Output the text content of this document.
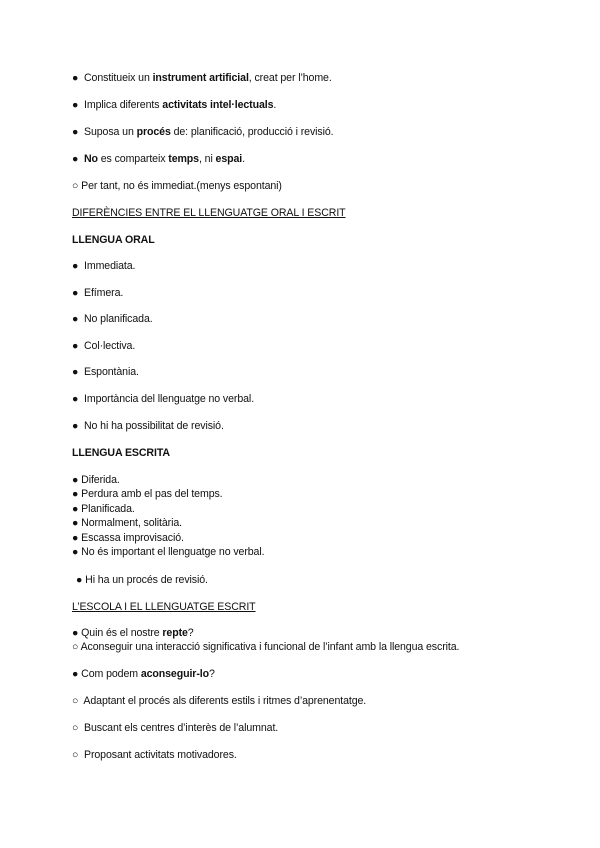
● Constitueix un instrument artificial, creat per l’home.
● Implica diferents activitats intel·lectuals.
● Suposa un procés de: planificació, producció i revisió.
● No es comparteix temps, ni espai.
○ Per tant, no és immediat.(menys espontani)
DIFERÈNCIES ENTRE EL LLENGUATGE ORAL I ESCRIT
LLENGUA ORAL
● Immediata.
● Efímera.
● No planificada.
● Col·lectiva.
● Espontània.
● Importància del llenguatge no verbal.
● No hi ha possibilitat de revisió.
LLENGUA ESCRITA
● Diferida.
● Perdura amb el pas del temps.
● Planificada.
● Normalment, solitària.
● Escassa improvisació.
● No és important el llenguatge no verbal.
● Hi ha un procés de revisió.
L’ESCOLA I EL LLENGUATGE ESCRIT
● Quin és el nostre repte?
○ Aconseguir una interacció significativa i funcional de l’infant amb la llengua escrita.
● Com podem aconseguir-lo?
○ Adaptant el procés als diferents estils i ritmes d’aprenentatge.
○ Buscant els centres d’interès de l’alumnat.
○ Proposant activitats motivadores.
